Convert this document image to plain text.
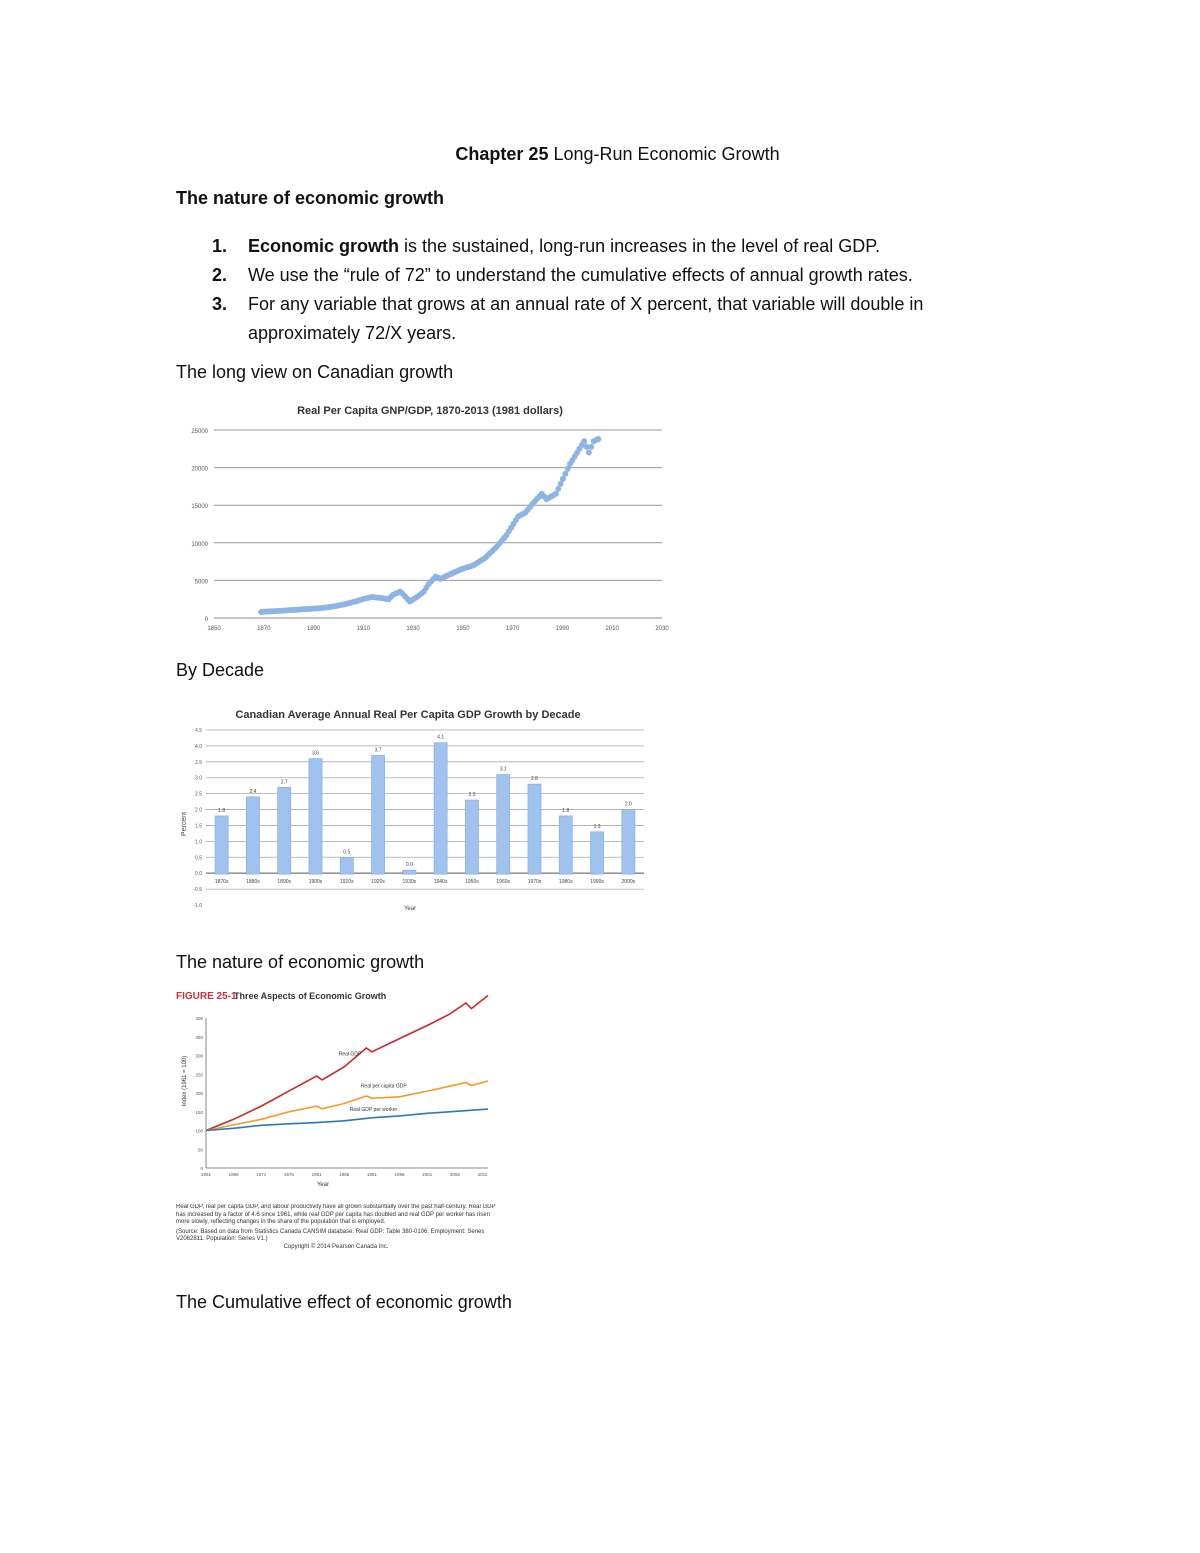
Chapter 25 Long-Run Economic Growth
The nature of economic growth
1. Economic growth is the sustained, long-run increases in the level of real GDP.
2. We use the “rule of 72” to understand the cumulative effects of annual growth rates.
3. For any variable that grows at an annual rate of X percent, that variable will double in approximately 72/X years.
The long view on Canadian growth
Real Per Capita GNP/GDP, 1870-2013 (1981 dollars)
0
5000
10000
15000
20000
25000
1850	1870	1890	1910	1930	1950	1970	1990	2010	2030
By Decade
Canadian Average Annual Real Per Capita GDP Growth by Decade
Percent
Year
-1.0
-0.5
0.0
0.5
1.0
1.5
2.0
2.5
3.0
3.5
4.0
4.5
1.8
1870s
2.4
1880s
2.7
1890s
3.6
1900s
0.5
1910s
3.7
1920s
0.0
1930s
4.1
1940s
2.3
1950s
3.1
1960s
2.8
1970s
1.8
1980s
1.3
1990s
2.0
2000s
The nature of economic growth
FIGURE 25-1
Three Aspects of Economic Growth
Index (1961 = 100)
Year
0
50
100
150
200
250
300
350
400
1961	1966	1971	1976	1981	1986	1991	1996	2001	2006	2011
Real GDP
Real per capita GDP
Real GDP per worker
Real GDP, real per capita GDP, and labour productivity have all grown substantially over the past half-century. Real GDP has increased by a factor of 4.6 since 1961, while real GDP per capita has doubled and real GDP per worker has risen more slowly, reflecting changes in the share of the population that is employed.
(Source: Based on data from Statistics Canada CANSIM database. Real GDP: Table 380-0106. Employment: Series V2062811. Population: Series V1.)
Copyright © 2014 Pearson Canada Inc.
The Cumulative effect of economic growth
